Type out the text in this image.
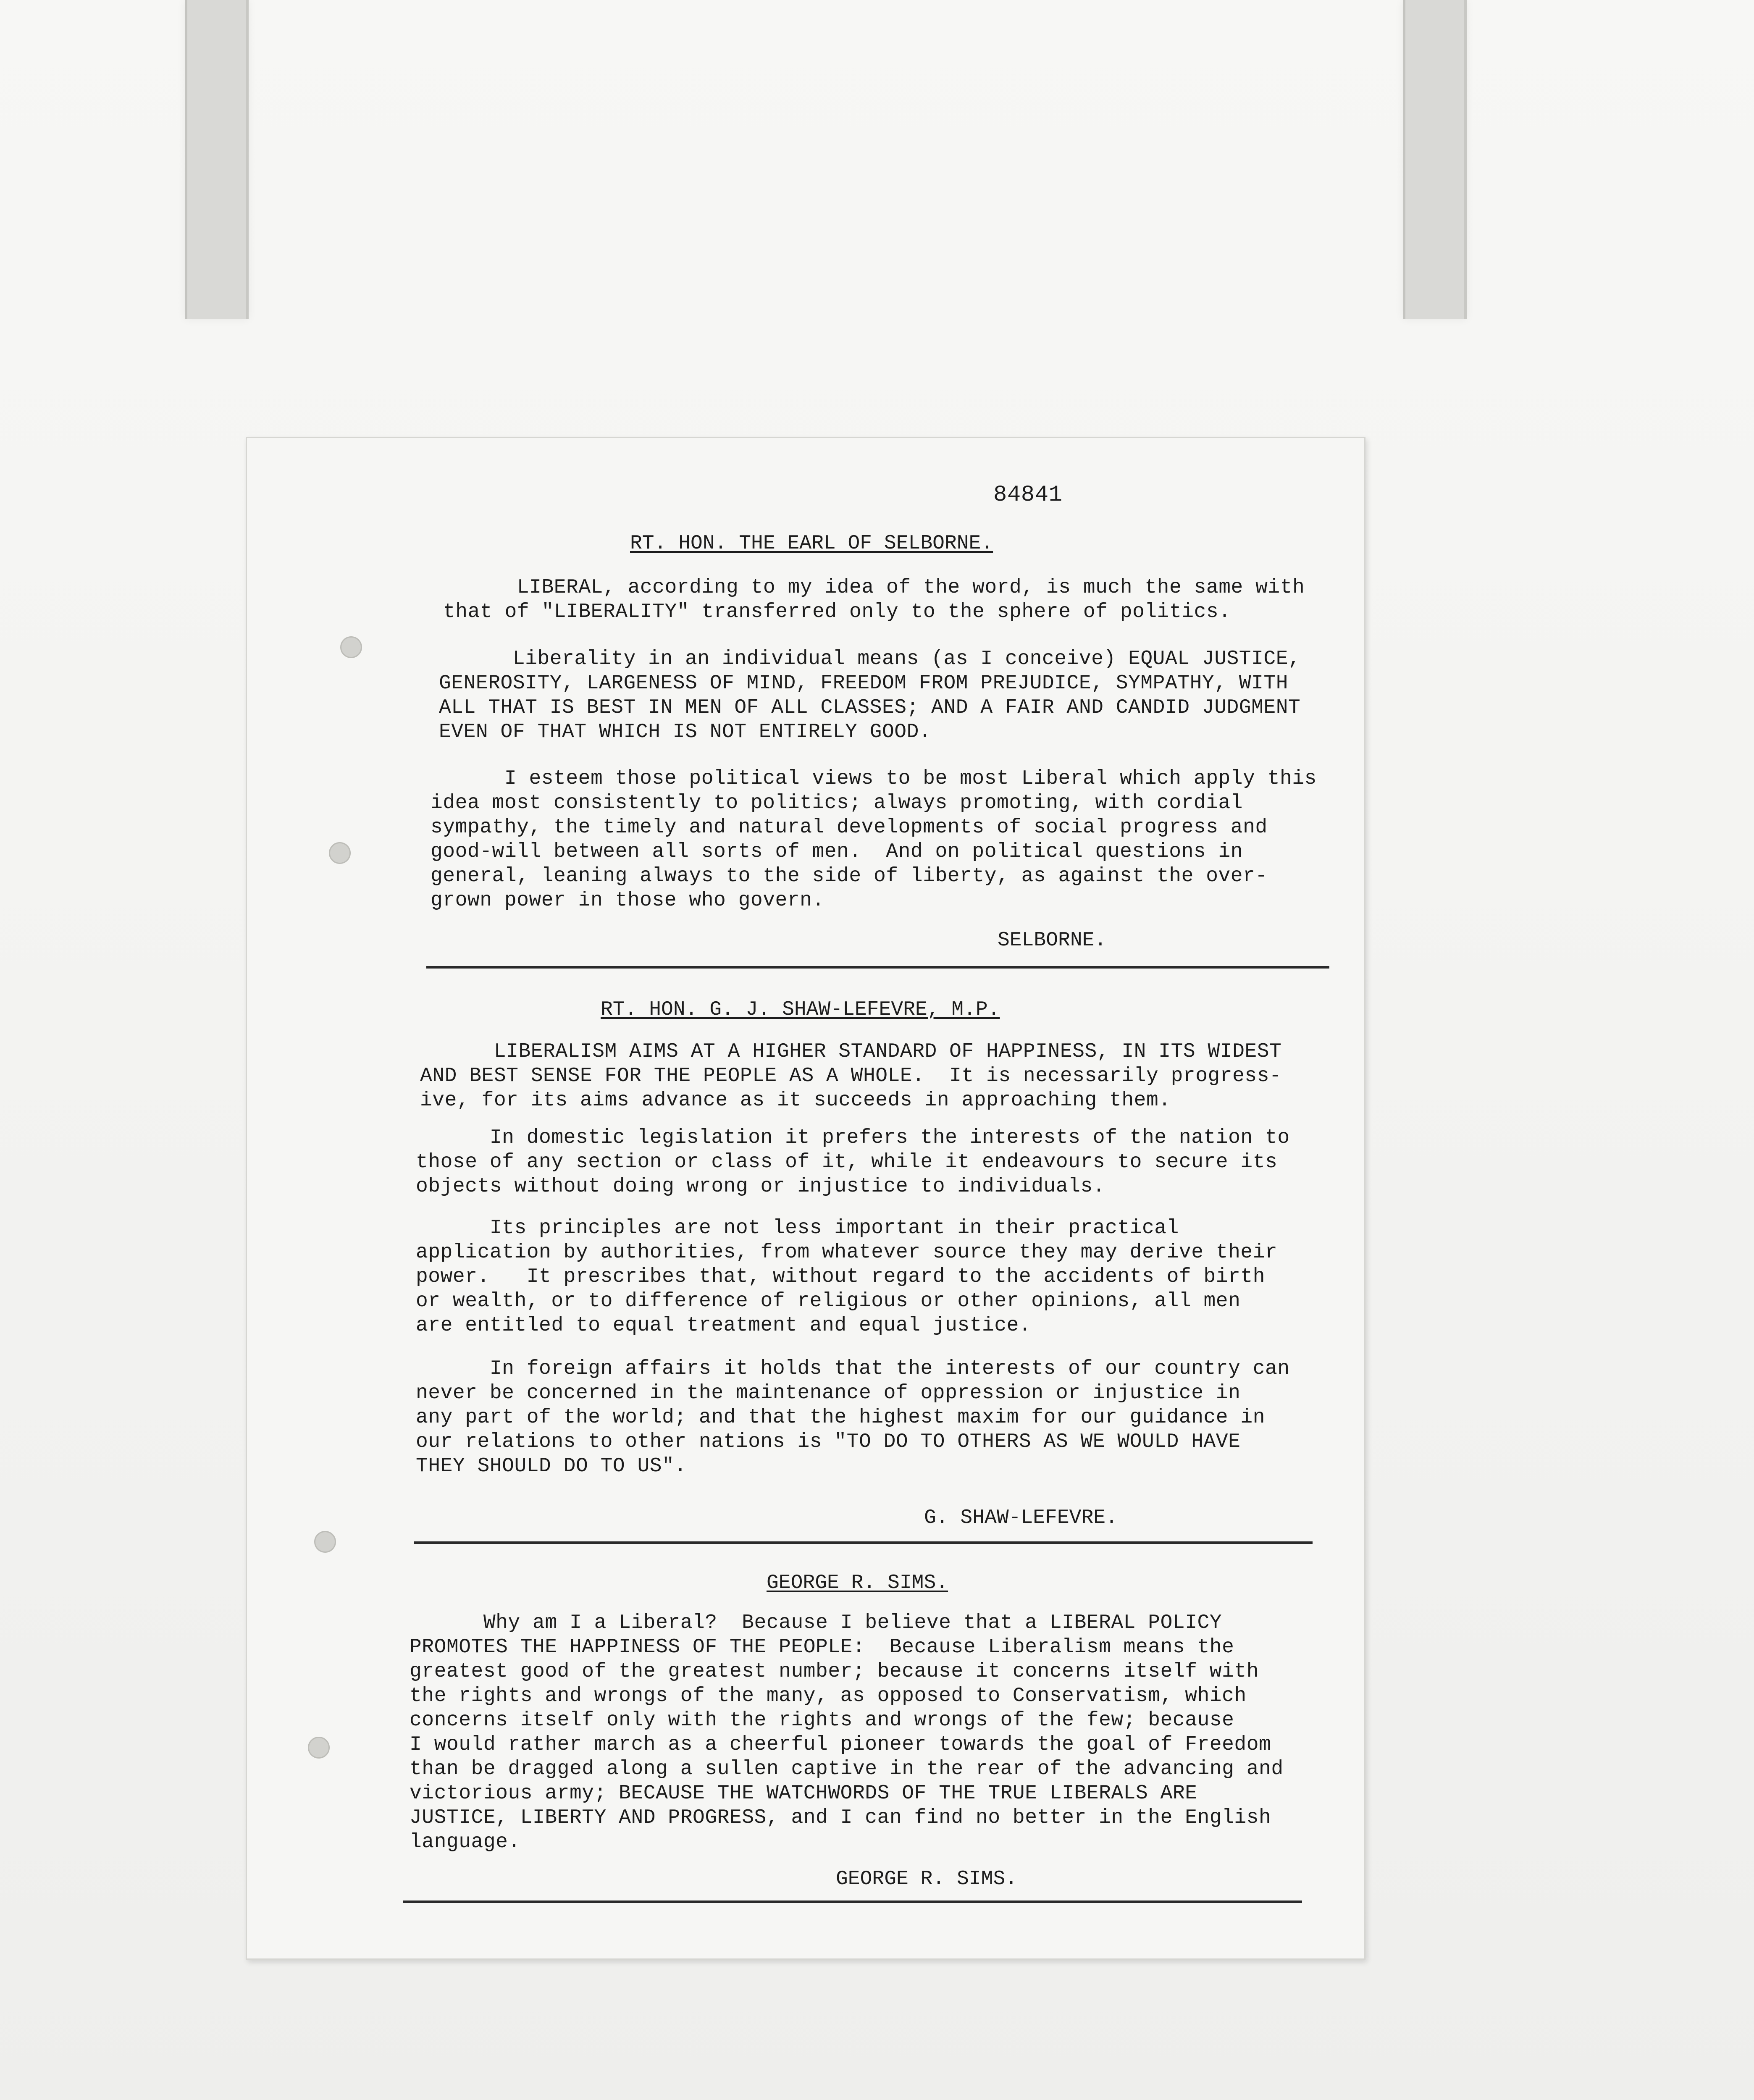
84841
RT. HON. THE EARL OF SELBORNE.
LIBERAL, according to my idea of the word, is much the same with
that of "LIBERALITY" transferred only to the sphere of politics.
Liberality in an individual means (as I conceive) EQUAL JUSTICE,
GENEROSITY, LARGENESS OF MIND, FREEDOM FROM PREJUDICE, SYMPATHY, WITH
ALL THAT IS BEST IN MEN OF ALL CLASSES; AND A FAIR AND CANDID JUDGMENT
EVEN OF THAT WHICH IS NOT ENTIRELY GOOD.
I esteem those political views to be most Liberal which apply this
idea most consistently to politics; always promoting, with cordial
sympathy, the timely and natural developments of social progress and
good-will between all sorts of men.  And on political questions in
general, leaning always to the side of liberty, as against the over-
grown power in those who govern.
SELBORNE.
RT. HON. G. J. SHAW-LEFEVRE, M.P.
LIBERALISM AIMS AT A HIGHER STANDARD OF HAPPINESS, IN ITS WIDEST
AND BEST SENSE FOR THE PEOPLE AS A WHOLE.  It is necessarily progress-
ive, for its aims advance as it succeeds in approaching them.
In domestic legislation it prefers the interests of the nation to
those of any section or class of it, while it endeavours to secure its
objects without doing wrong or injustice to individuals.
Its principles are not less important in their practical
application by authorities, from whatever source they may derive their
power.   It prescribes that, without regard to the accidents of birth
or wealth, or to difference of religious or other opinions, all men
are entitled to equal treatment and equal justice.
In foreign affairs it holds that the interests of our country can
never be concerned in the maintenance of oppression or injustice in
any part of the world; and that the highest maxim for our guidance in
our relations to other nations is "TO DO TO OTHERS AS WE WOULD HAVE
THEY SHOULD DO TO US".
G. SHAW-LEFEVRE.
GEORGE R. SIMS.
Why am I a Liberal?  Because I believe that a LIBERAL POLICY
PROMOTES THE HAPPINESS OF THE PEOPLE:  Because Liberalism means the
greatest good of the greatest number; because it concerns itself with
the rights and wrongs of the many, as opposed to Conservatism, which
concerns itself only with the rights and wrongs of the few; because
I would rather march as a cheerful pioneer towards the goal of Freedom
than be dragged along a sullen captive in the rear of the advancing and
victorious army; BECAUSE THE WATCHWORDS OF THE TRUE LIBERALS ARE
JUSTICE, LIBERTY AND PROGRESS, and I can find no better in the English
language.
GEORGE R. SIMS.
